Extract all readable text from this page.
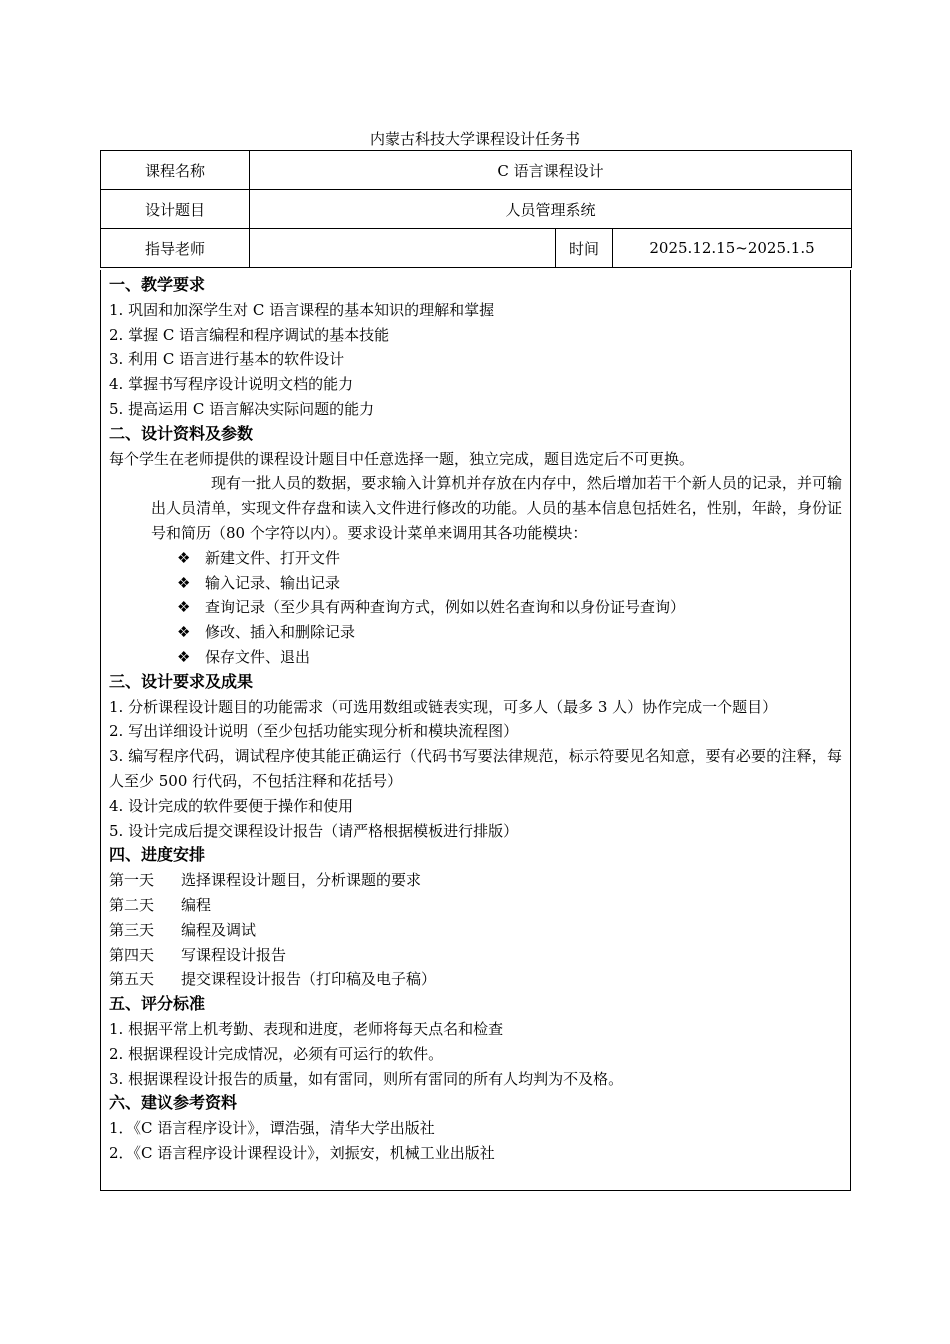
内蒙古科技大学课程设计任务书
课程名称	C 语言课程设计		
设计题目	人员管理系统		
指导老师		时间	2025.12.15~2025.1.5
一、教学要求
1. 巩固和加深学生对 C 语言课程的基本知识的理解和掌握
2. 掌握 C 语言编程和程序调试的基本技能
3. 利用 C 语言进行基本的软件设计
4. 掌握书写程序设计说明文档的能力
5. 提高运用 C 语言解决实际问题的能力
二、设计资料及参数
每个学生在老师提供的课程设计题目中任意选择一题，独立完成，题目选定后不可更换。
现有一批人员的数据，要求输入计算机并存放在内存中，然后增加若干个新人员的记录，并可输出人员清单，实现文件存盘和读入文件进行修改的功能。人员的基本信息包括姓名，性别，年龄，身份证号和简历（80 个字符以内）。要求设计菜单来调用其各功能模块：
❖ 新建文件、打开文件
❖ 输入记录、输出记录
❖ 查询记录（至少具有两种查询方式，例如以姓名查询和以身份证号查询）
❖ 修改、插入和删除记录
❖ 保存文件、退出
三、设计要求及成果
1. 分析课程设计题目的功能需求（可选用数组或链表实现，可多人（最多 3 人）协作完成一个题目）
2. 写出详细设计说明（至少包括功能实现分析和模块流程图）
3. 编写程序代码，调试程序使其能正确运行（代码书写要法律规范，标示符要见名知意，要有必要的注释，每人至少 500 行代码，不包括注释和花括号）
4. 设计完成的软件要便于操作和使用
5. 设计完成后提交课程设计报告（请严格根据模板进行排版）
四、进度安排
第一天 选择课程设计题目，分析课题的要求
第二天 编程
第三天 编程及调试
第四天 写课程设计报告
第五天 提交课程设计报告（打印稿及电子稿）
五、评分标准
1. 根据平常上机考勤、表现和进度，老师将每天点名和检查
2. 根据课程设计完成情况，必须有可运行的软件。
3. 根据课程设计报告的质量，如有雷同，则所有雷同的所有人均判为不及格。
六、建议参考资料
1．《C 语言程序设计》，谭浩强，清华大学出版社
2．《C 语言程序设计课程设计》，刘振安，机械工业出版社
